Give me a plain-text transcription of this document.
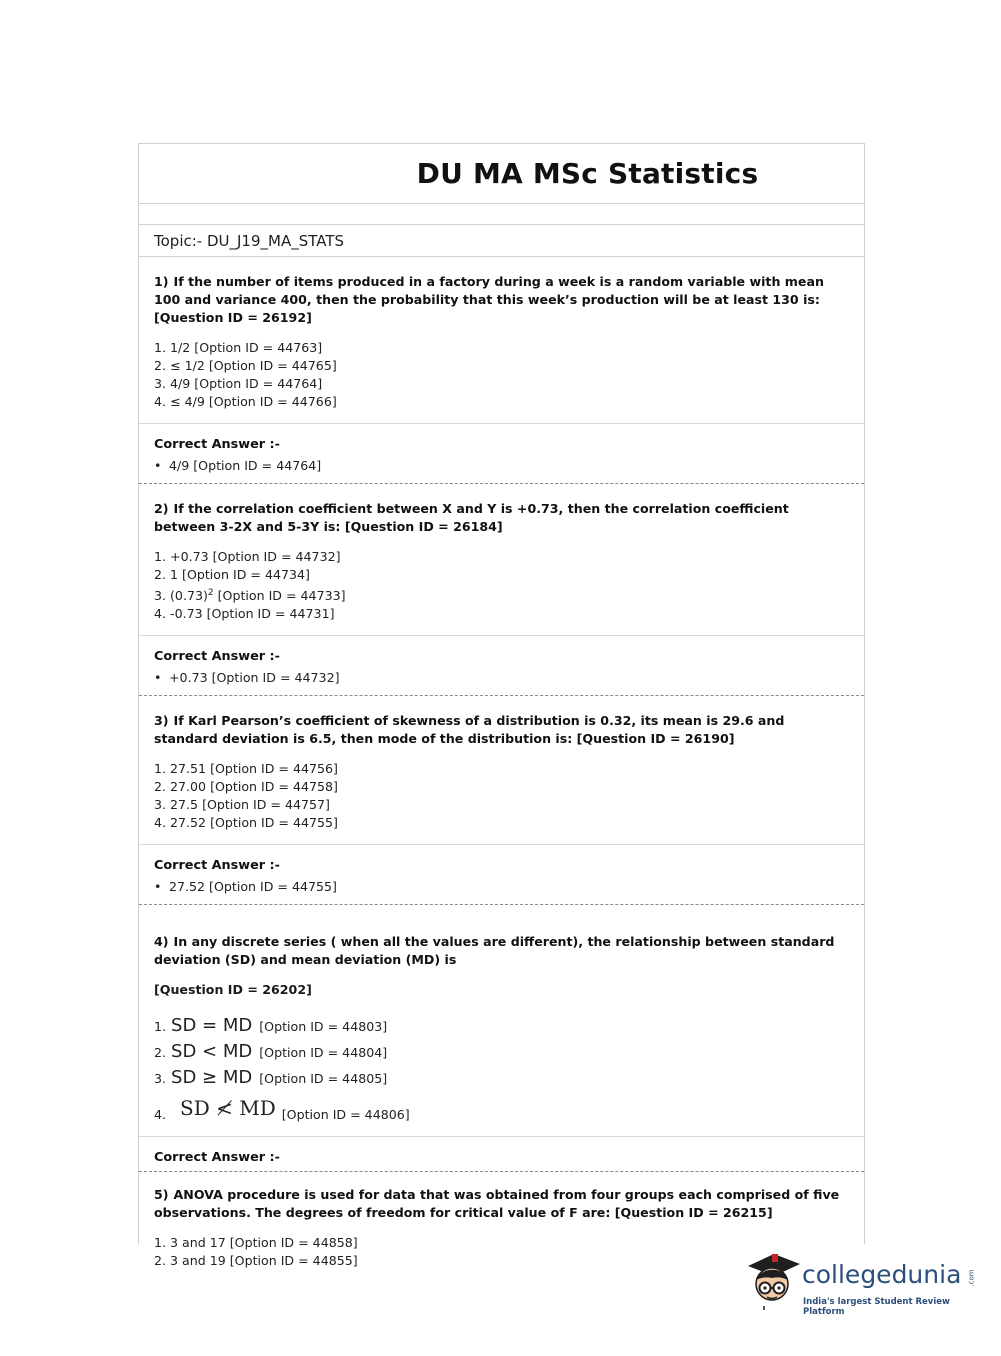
DU MA MSc Statistics
Topic:- DU_J19_MA_STATS
1) If the number of items produced in a factory during a week is a random variable with mean 100 and variance 400, then the probability that this week’s production will be at least 130 is: [Question ID = 26192]
1. 1/2 [Option ID = 44763]
2. ≤ 1/2 [Option ID = 44765]
3. 4/9 [Option ID = 44764]
4. ≤ 4/9 [Option ID = 44766]
Correct Answer :-
• 4/9 [Option ID = 44764]
2) If the correlation coefficient between X and Y is +0.73, then the correlation coefficient between 3-2X and 5-3Y is: [Question ID = 26184]
1. +0.73 [Option ID = 44732]
2. 1 [Option ID = 44734]
3. $(0.73)^2$ [Option ID = 44733]
4. -0.73 [Option ID = 44731]
Correct Answer :-
• +0.73 [Option ID = 44732]
3) If Karl Pearson’s coefficient of skewness of a distribution is 0.32, its mean is 29.6 and standard deviation is 6.5, then mode of the distribution is: [Question ID = 26190]
1. 27.51 [Option ID = 44756]
2. 27.00 [Option ID = 44758]
3. 27.5 [Option ID = 44757]
4. 27.52 [Option ID = 44755]
Correct Answer :-
• 27.52 [Option ID = 44755]
4) In any discrete series ( when all the values are different), the relationship between standard deviation (SD) and mean deviation (MD) is
[Question ID = 26202]
1. SD = MD [Option ID = 44803]
2. SD < MD [Option ID = 44804]
3. SD ≥ MD [Option ID = 44805]
4. SD ≮ MD [Option ID = 44806]
Correct Answer :-
5) ANOVA procedure is used for data that was obtained from four groups each comprised of five observations. The degrees of freedom for critical value of F are: [Question ID = 26215]
1. 3 and 17 [Option ID = 44858]
2. 3 and 19 [Option ID = 44855]	collegedunia .com
India's largest Student Review Platform
